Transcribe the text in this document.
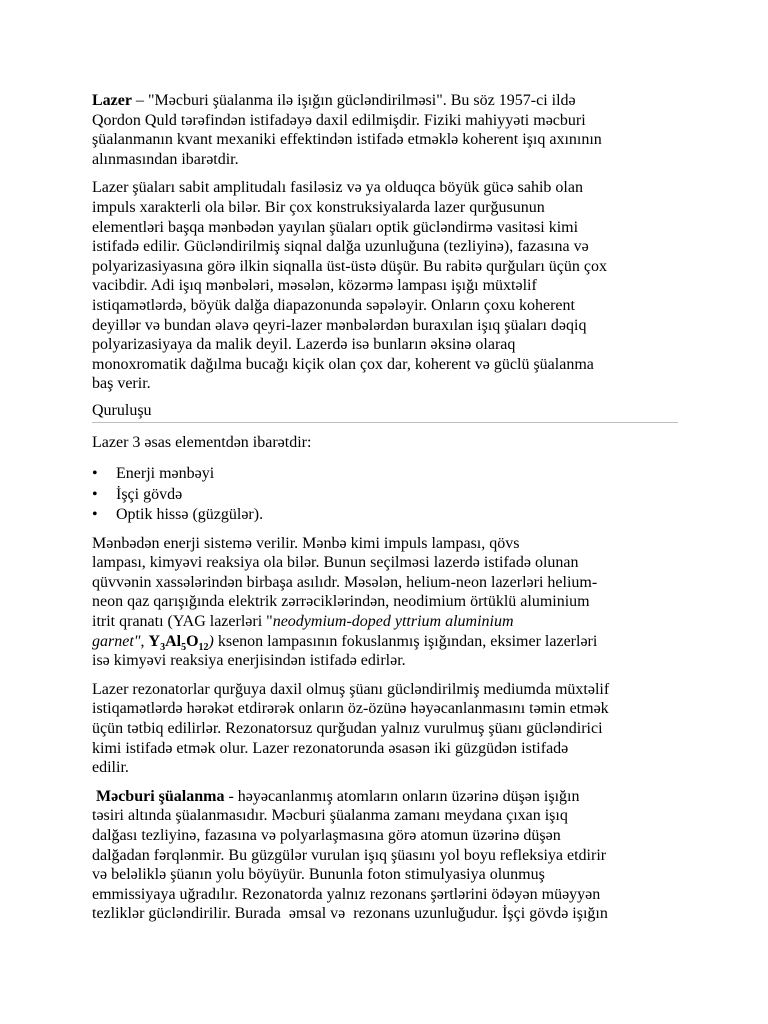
Lazer – "Məcburi şüalanma ilə işığın gücləndirilməsi". Bu söz 1957-ci ildə
Qordon Quld tərəfindən istifadəyə daxil edilmişdir. Fiziki mahiyyəti məcburi
şüalanmanın kvant mexaniki effektindən istifadə etməklə koherent işıq axınının
alınmasından ibarətdir.

Lazer şüaları sabit amplitudalı fasiləsiz və ya olduqca böyük gücə sahib olan
impuls xarakterli ola bilər. Bir çox konstruksiyalarda lazer qurğusunun
elementləri başqa mənbədən yayılan şüaları optik gücləndirmə vasitəsi kimi
istifadə edilir. Gücləndirilmiş siqnal dalğa uzunluğuna (tezliyinə), fazasına və
polyarizasiyasına görə ilkin siqnalla üst-üstə düşür. Bu rabitə qurğuları üçün çox
vacibdir. Adi işıq mənbələri, məsələn, közərmə lampası işığı müxtəlif
istiqamətlərdə, böyük dalğa diapazonunda səpələyir. Onların çoxu koherent
deyillər və bundan əlavə qeyri-lazer mənbələrdən buraxılan işıq şüaları dəqiq
polyarizasiyaya da malik deyil. Lazerdə isə bunların əksinə olaraq
monoxromatik dağılma bucağı kiçik olan çox dar, koherent və güclü şüalanma
baş verir.

Quruluşu

Lazer 3 əsas elementdən ibarətdir:

• Enerji mənbəyi
• İşçi gövdə
• Optik hissə (güzgülər).

Mənbədən enerji sistemə verilir. Mənbə kimi impuls lampası, qövs
lampası, kimyəvi reaksiya ola bilər. Bunun seçilməsi lazerdə istifadə olunan
qüvvənin xassələrindən birbaşa asılıdr. Məsələn, helium-neon lazerləri helium-
neon qaz qarışığında elektrik zərrəciklərindən, neodimium örtüklü aluminium
itrit qranatı (YAG lazerləri "neodymium-doped yttrium aluminium
garnet", $Y_3Al_5O_{12}$) ksenon lampasının fokuslanmış işığından, eksimer lazerləri
isə kimyəvi reaksiya enerjisindən istifadə edirlər.

Lazer rezonatorlar qurğuya daxil olmuş şüanı gücləndirilmiş mediumda müxtəlif
istiqamətlərdə hərəkət etdirərək onların öz-özünə həyəcanlanmasını təmin etmək
üçün tətbiq edilirlər. Rezonatorsuz qurğudan yalnız vurulmuş şüanı gücləndirici
kimi istifadə etmək olur. Lazer rezonatorunda əsasən iki güzgüdən istifadə
edilir.

Məcburi şüalanma - həyəcanlanmış atomların onların üzərinə düşən işığın
təsiri altında şüalanmasıdır. Məcburi şüalanma zamanı meydana çıxan işıq
dalğası tezliyinə, fazasına və polyarlaşmasına görə atomun üzərinə düşən
dalğadan fərqlənmir. Bu güzgülər vurulan işıq şüasını yol boyu refleksiya etdirir
və beləliklə şüanın yolu böyüyür. Bununla foton stimulyasiya olunmuş
emmissiyaya uğradılır. Rezonatorda yalnız rezonans şərtlərini ödəyən müəyyən
tezliklər gücləndirilir. Burada  əmsal və  rezonans uzunluğudur. İşçi gövdə işığın
